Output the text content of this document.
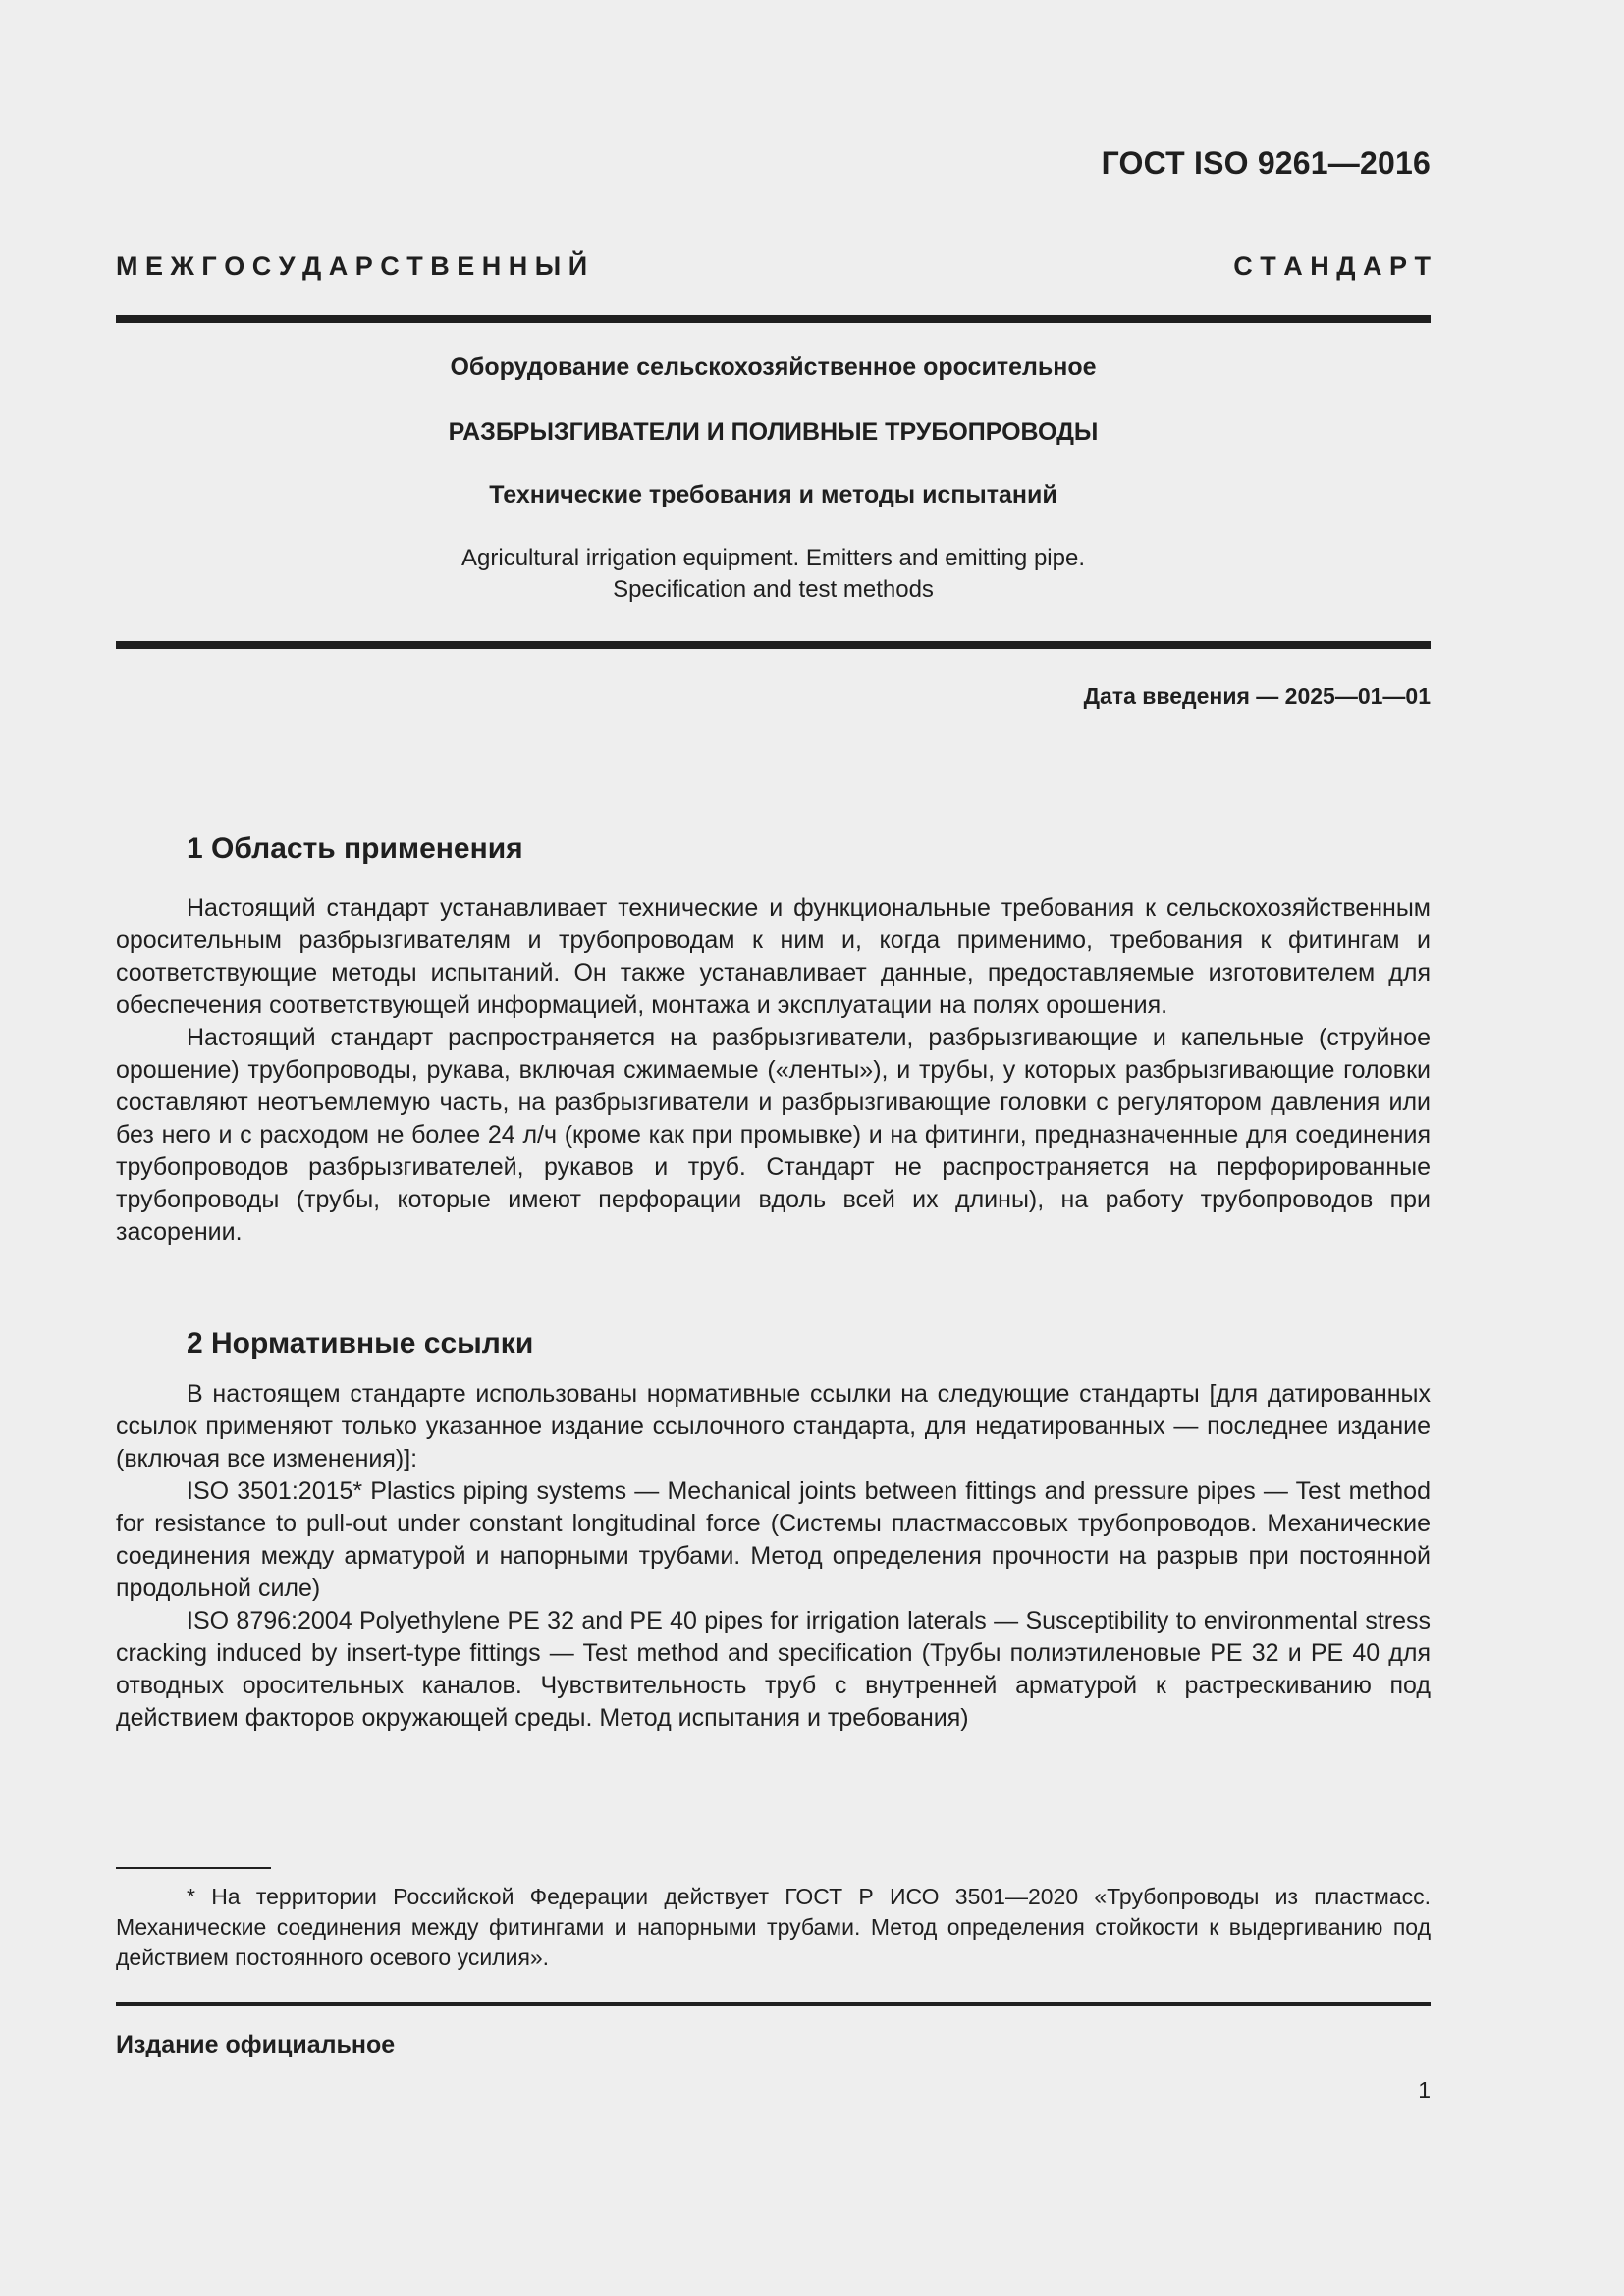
ГОСТ ISO 9261—2016
М Е Ж Г О С У Д А Р С Т В Е Н Н Ы Й	С Т А Н Д А Р Т
Оборудование сельскохозяйственное оросительное
РАЗБРЫЗГИВАТЕЛИ И ПОЛИВНЫЕ ТРУБОПРОВОДЫ
Технические требования и методы испытаний
Agricultural irrigation equipment. Emitters and emitting pipe.
Specification and test methods
Дата введения — 2025—01—01
1 Область применения

Настоящий стандарт устанавливает технические и функциональные требования к сельскохозяйственным оросительным разбрызгивателям и трубопроводам к ним и, когда применимо, требования к фитингам и соответствующие методы испытаний. Он также устанавливает данные, предоставляемые изготовителем для обеспечения соответствующей информацией, монтажа и эксплуатации на полях орошения.

Настоящий стандарт распространяется на разбрызгиватели, разбрызгивающие и капельные (струйное орошение) трубопроводы, рукава, включая сжимаемые («ленты»), и трубы, у которых разбрызгивающие головки составляют неотъемлемую часть, на разбрызгиватели и разбрызгивающие головки с регулятором давления или без него и с расходом не более 24 л/ч (кроме как при промывке) и на фитинги, предназначенные для соединения трубопроводов разбрызгивателей, рукавов и труб. Стандарт не распространяется на перфорированные трубопроводы (трубы, которые имеют перфорации вдоль всей их длины), на работу трубопроводов при засорении.

2 Нормативные ссылки

В настоящем стандарте использованы нормативные ссылки на следующие стандарты [для датированных ссылок применяют только указанное издание ссылочного стандарта, для недатированных — последнее издание (включая все изменения)]:

ISO 3501:2015* Plastics piping systems — Mechanical joints between fittings and pressure pipes — Test method for resistance to pull-out under constant longitudinal force (Системы пластмассовых трубопроводов. Механические соединения между арматурой и напорными трубами. Метод определения прочности на разрыв при постоянной продольной силе)

ISO 8796:2004 Polyethylene PE 32 and PE 40 pipes for irrigation laterals — Susceptibility to environmental stress cracking induced by insert-type fittings — Test method and specification (Трубы полиэтиленовые PE 32 и PE 40 для отводных оросительных каналов. Чувствительность труб с внутренней арматурой к растрескиванию под действием факторов окружающей среды. Метод испытания и требования)

* На территории Российской Федерации действует ГОСТ Р ИСО 3501—2020 «Трубопроводы из пластмасс. Механические соединения между фитингами и напорными трубами. Метод определения стойкости к выдергиванию под действием постоянного осевого усилия».

Издание официальное
1
